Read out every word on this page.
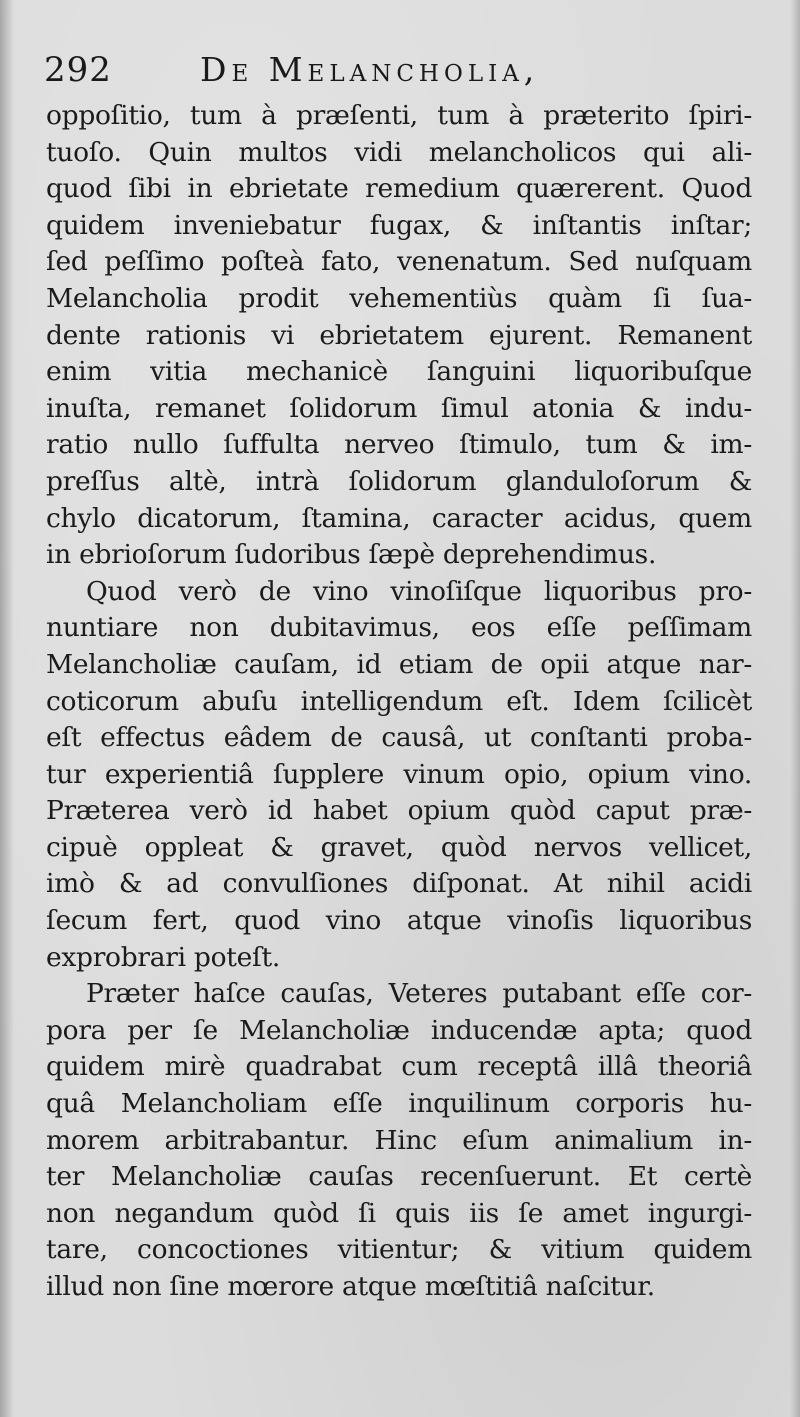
292	De Melancholia,
oppoſitio, tum à præſenti, tum à præterito ſpiri-
tuoſo. Quin multos vidi melancholicos qui ali-
quod ſibi in ebrietate remedium quærerent. Quod
quidem inveniebatur fugax, & inſtantis inſtar;
ſed peſſimo poſteà fato, venenatum. Sed nuſquam
Melancholia prodit vehementiùs quàm ſi ſua-
dente rationis vi ebrietatem ejurent. Remanent
enim vitia mechanicè ſanguini liquoribuſque
inuſta, remanet ſolidorum ſimul atonia & indu-
ratio nullo ſuffulta nerveo ſtimulo, tum & im-
preſſus altè, intrà ſolidorum glanduloſorum &
chylo dicatorum, ſtamina, caracter acidus, quem
in ebrioſorum ſudoribus ſæpè deprehendimus.
Quod verò de vino vinoſiſque liquoribus pro-
nuntiare non dubitavimus, eos eſſe peſſimam
Melancholiæ cauſam, id etiam de opii atque nar-
coticorum abuſu intelligendum eſt. Idem ſcilicèt
eſt effectus eâdem de causâ, ut conſtanti proba-
tur experientiâ ſupplere vinum opio, opium vino.
Præterea verò id habet opium quòd caput præ-
cipuè oppleat & gravet, quòd nervos vellicet,
imò & ad convulſiones diſponat. At nihil acidi
ſecum fert, quod vino atque vinoſis liquoribus
exprobrari poteſt.
Præter haſce cauſas, Veteres putabant eſſe cor-
pora per ſe Melancholiæ inducendæ apta; quod
quidem mirè quadrabat cum receptâ illâ theoriâ
quâ Melancholiam eſſe inquilinum corporis hu-
morem arbitrabantur. Hinc eſum animalium in-
ter Melancholiæ cauſas recenſuerunt. Et certè
non negandum quòd ſi quis iis ſe amet ingurgi-
tare, concoctiones vitientur; & vitium quidem
illud non ſine mœrore atque mœſtitiâ naſcitur.
